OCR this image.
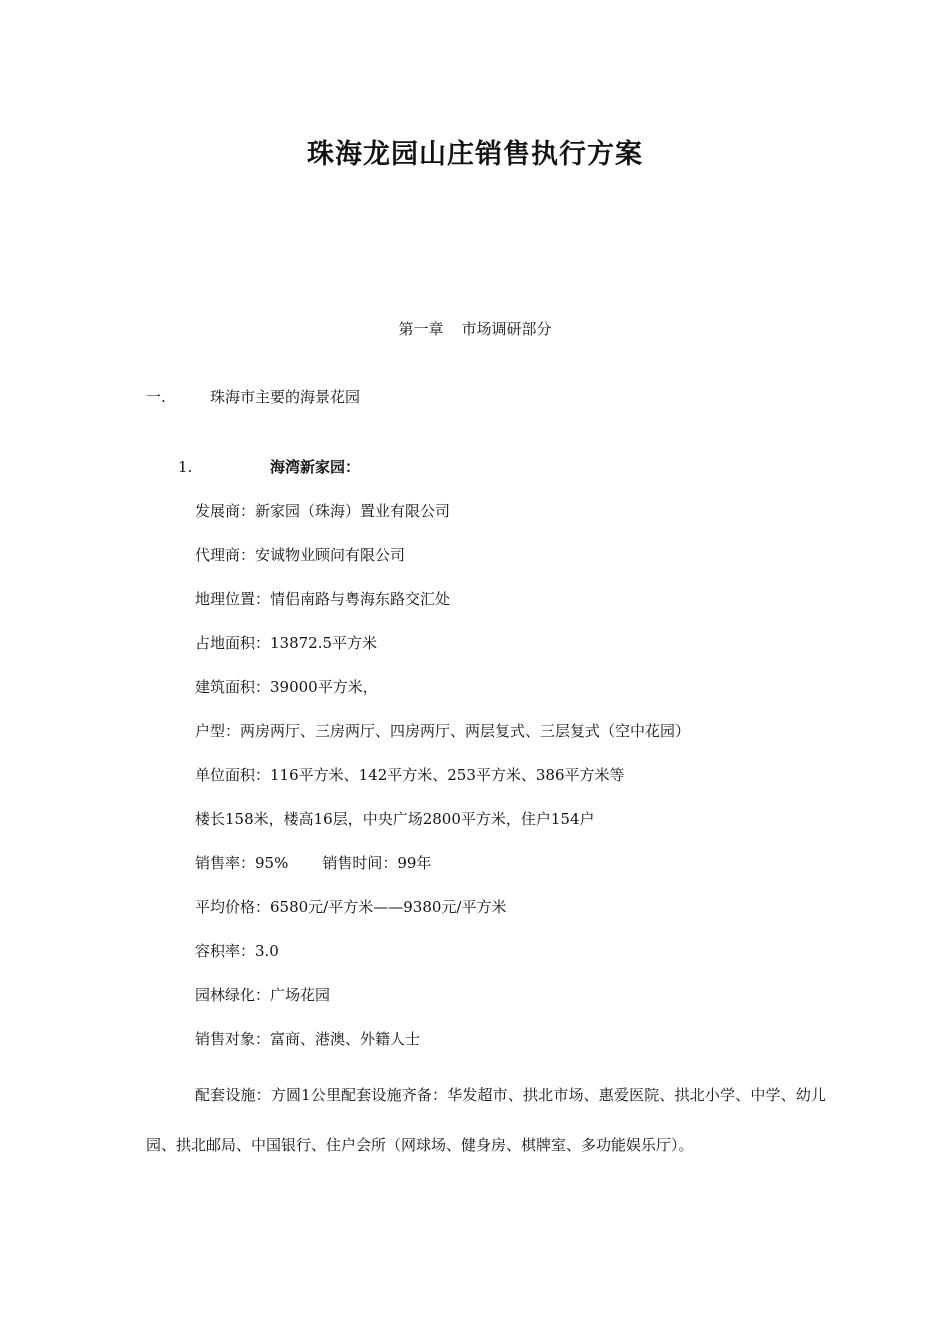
珠海龙园山庄销售执行方案
第一章 市场调研部分
一.	珠海市主要的海景花园
1.	海湾新家园：
发展商：新家园（珠海）置业有限公司
代理商：安诚物业顾问有限公司
地理位置：情侣南路与粤海东路交汇处
占地面积：13872.5平方米
建筑面积：39000平方米，
户型：两房两厅、三房两厅、四房两厅、两层复式、三层复式（空中花园）
单位面积：116平方米、142平方米、253平方米、386平方米等
楼长158米，楼高16层，中央广场2800平方米，住户154户
销售率：95% 销售时间：99年
平均价格：6580元/平方米——9380元/平方米
容积率：3.0
园林绿化：广场花园
销售对象：富商、港澳、外籍人士
配套设施：方圆1公里配套设施齐备：华发超市、拱北市场、惠爱医院、拱北小学、中学、幼儿园、拱北邮局、中国银行、住户会所（网球场、健身房、棋牌室、多功能娱乐厅）。
